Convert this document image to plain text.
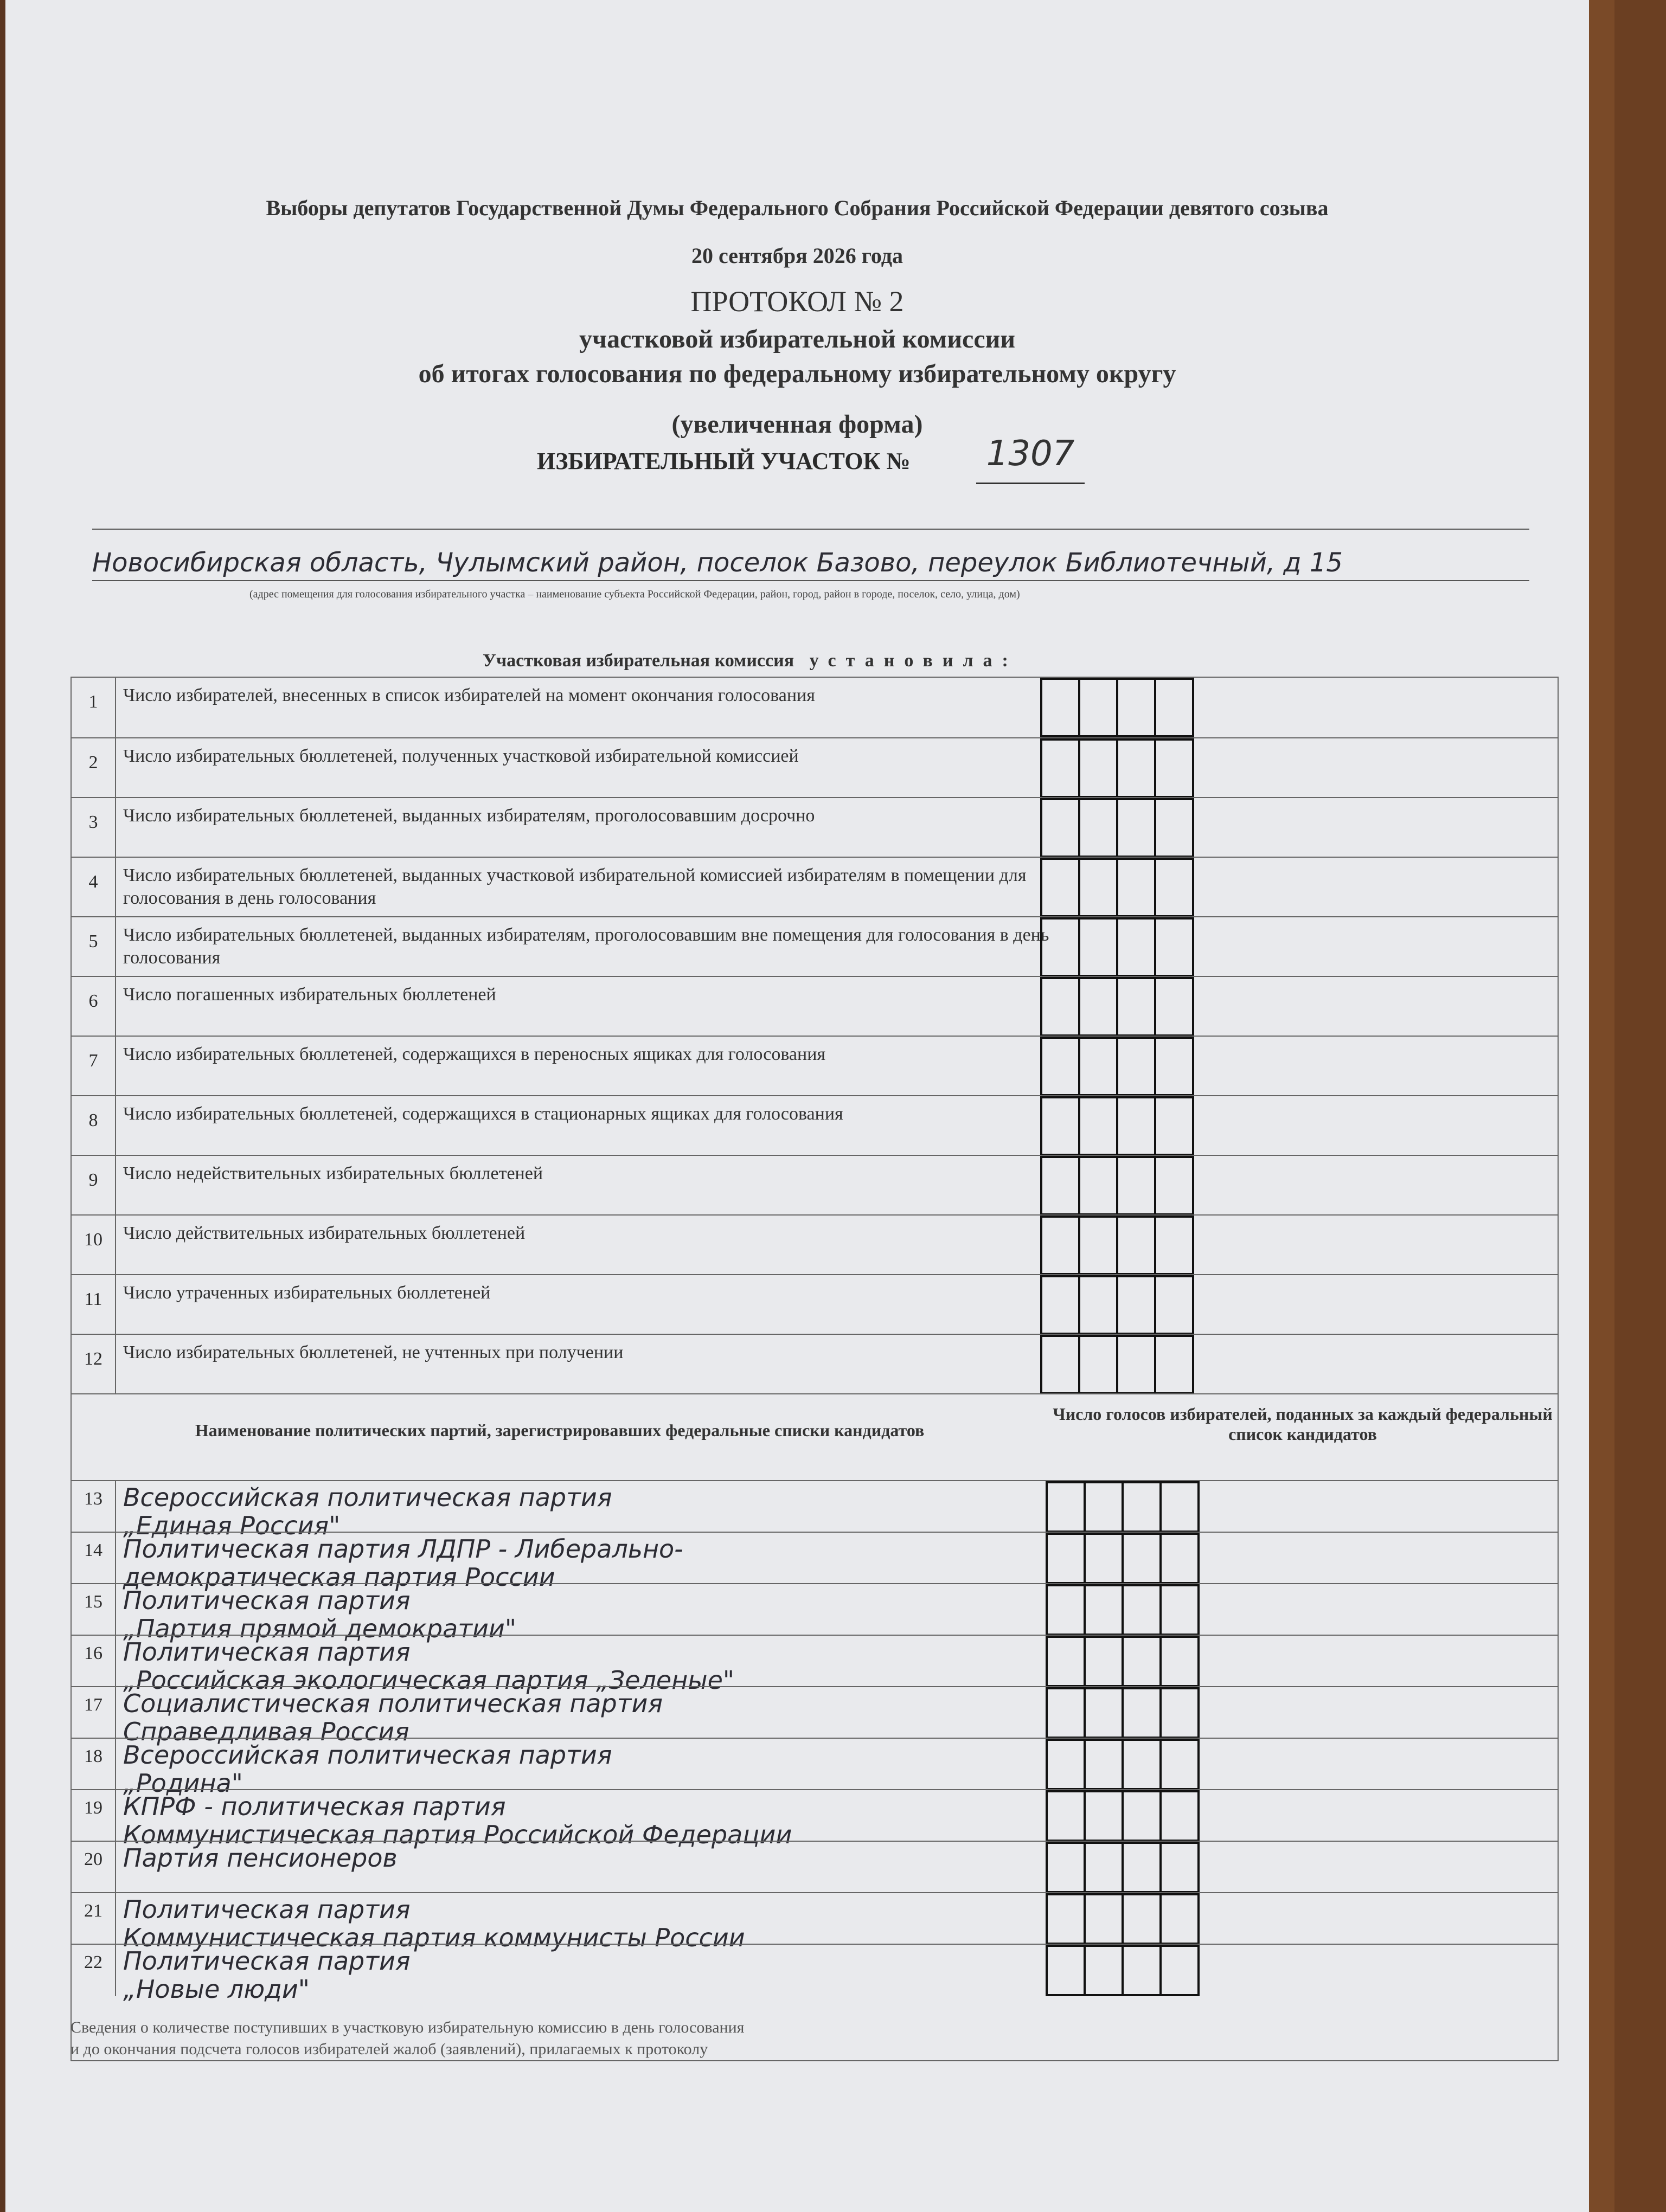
Выборы депутатов Государственной Думы Федерального Собрания Российской Федерации девятого созыва
20 сентября 2026 года
ПРОТОКОЛ № 2
участковой избирательной комиссии
об итогах голосования по федеральному избирательному округу
(увеличенная форма)
ИЗБИРАТЕЛЬНЫЙ УЧАСТОК № 1307
Новосибирская область, Чулымский район, поселок Базово, переулок Библиотечный, д 15
(адрес помещения для голосования избирательного участка – наименование субъекта Российской Федерации, район, город, район в городе, поселок, село, улица, дом)
Участковая избирательная комиссия установила:
Наименование политических партий, зарегистрировавших федеральные списки кандидатов
Число голосов избирателей, поданных за каждый федеральный список кандидатов
1	Число избирателей, внесенных в список избирателей на момент окончания голосования
2	Число избирательных бюллетеней, полученных участковой избирательной комиссией
3	Число избирательных бюллетеней, выданных избирателям, проголосовавшим досрочно
4	Число избирательных бюллетеней, выданных участковой избирательной комиссией избирателям в помещении для голосования в день голосования
5	Число избирательных бюллетеней, выданных избирателям, проголосовавшим вне помещения для голосования в день голосования
6	Число погашенных избирательных бюллетеней
7	Число избирательных бюллетеней, содержащихся в переносных ящиках для голосования
8	Число избирательных бюллетеней, содержащихся в стационарных ящиках для голосования
9	Число недействительных избирательных бюллетеней
10	Число действительных избирательных бюллетеней
11	Число утраченных избирательных бюллетеней
12	Число избирательных бюллетеней, не учтенных при получении
13 Всероссийская политическая партия
„Единая Россия"
14 Политическая партия ЛДПР - Либерально-
демократическая партия России
15 Политическая партия
„Партия прямой демократии"
16 Политическая партия
„Российская экологическая партия „Зеленые"
17 Социалистическая политическая партия
Справедливая Россия
18 Всероссийская политическая партия
„Родина"
19 КПРФ - политическая партия
Коммунистическая партия Российской Федерации
20 Партия пенсионеров
21 Политическая партия
Коммунистическая партия коммунисты России
22 Политическая партия
„Новые люди"
Сведения о количестве поступивших в участковую избирательную комиссию в день голосования
и до окончания подсчета голосов избирателей жалоб (заявлений), прилагаемых к протоколу
